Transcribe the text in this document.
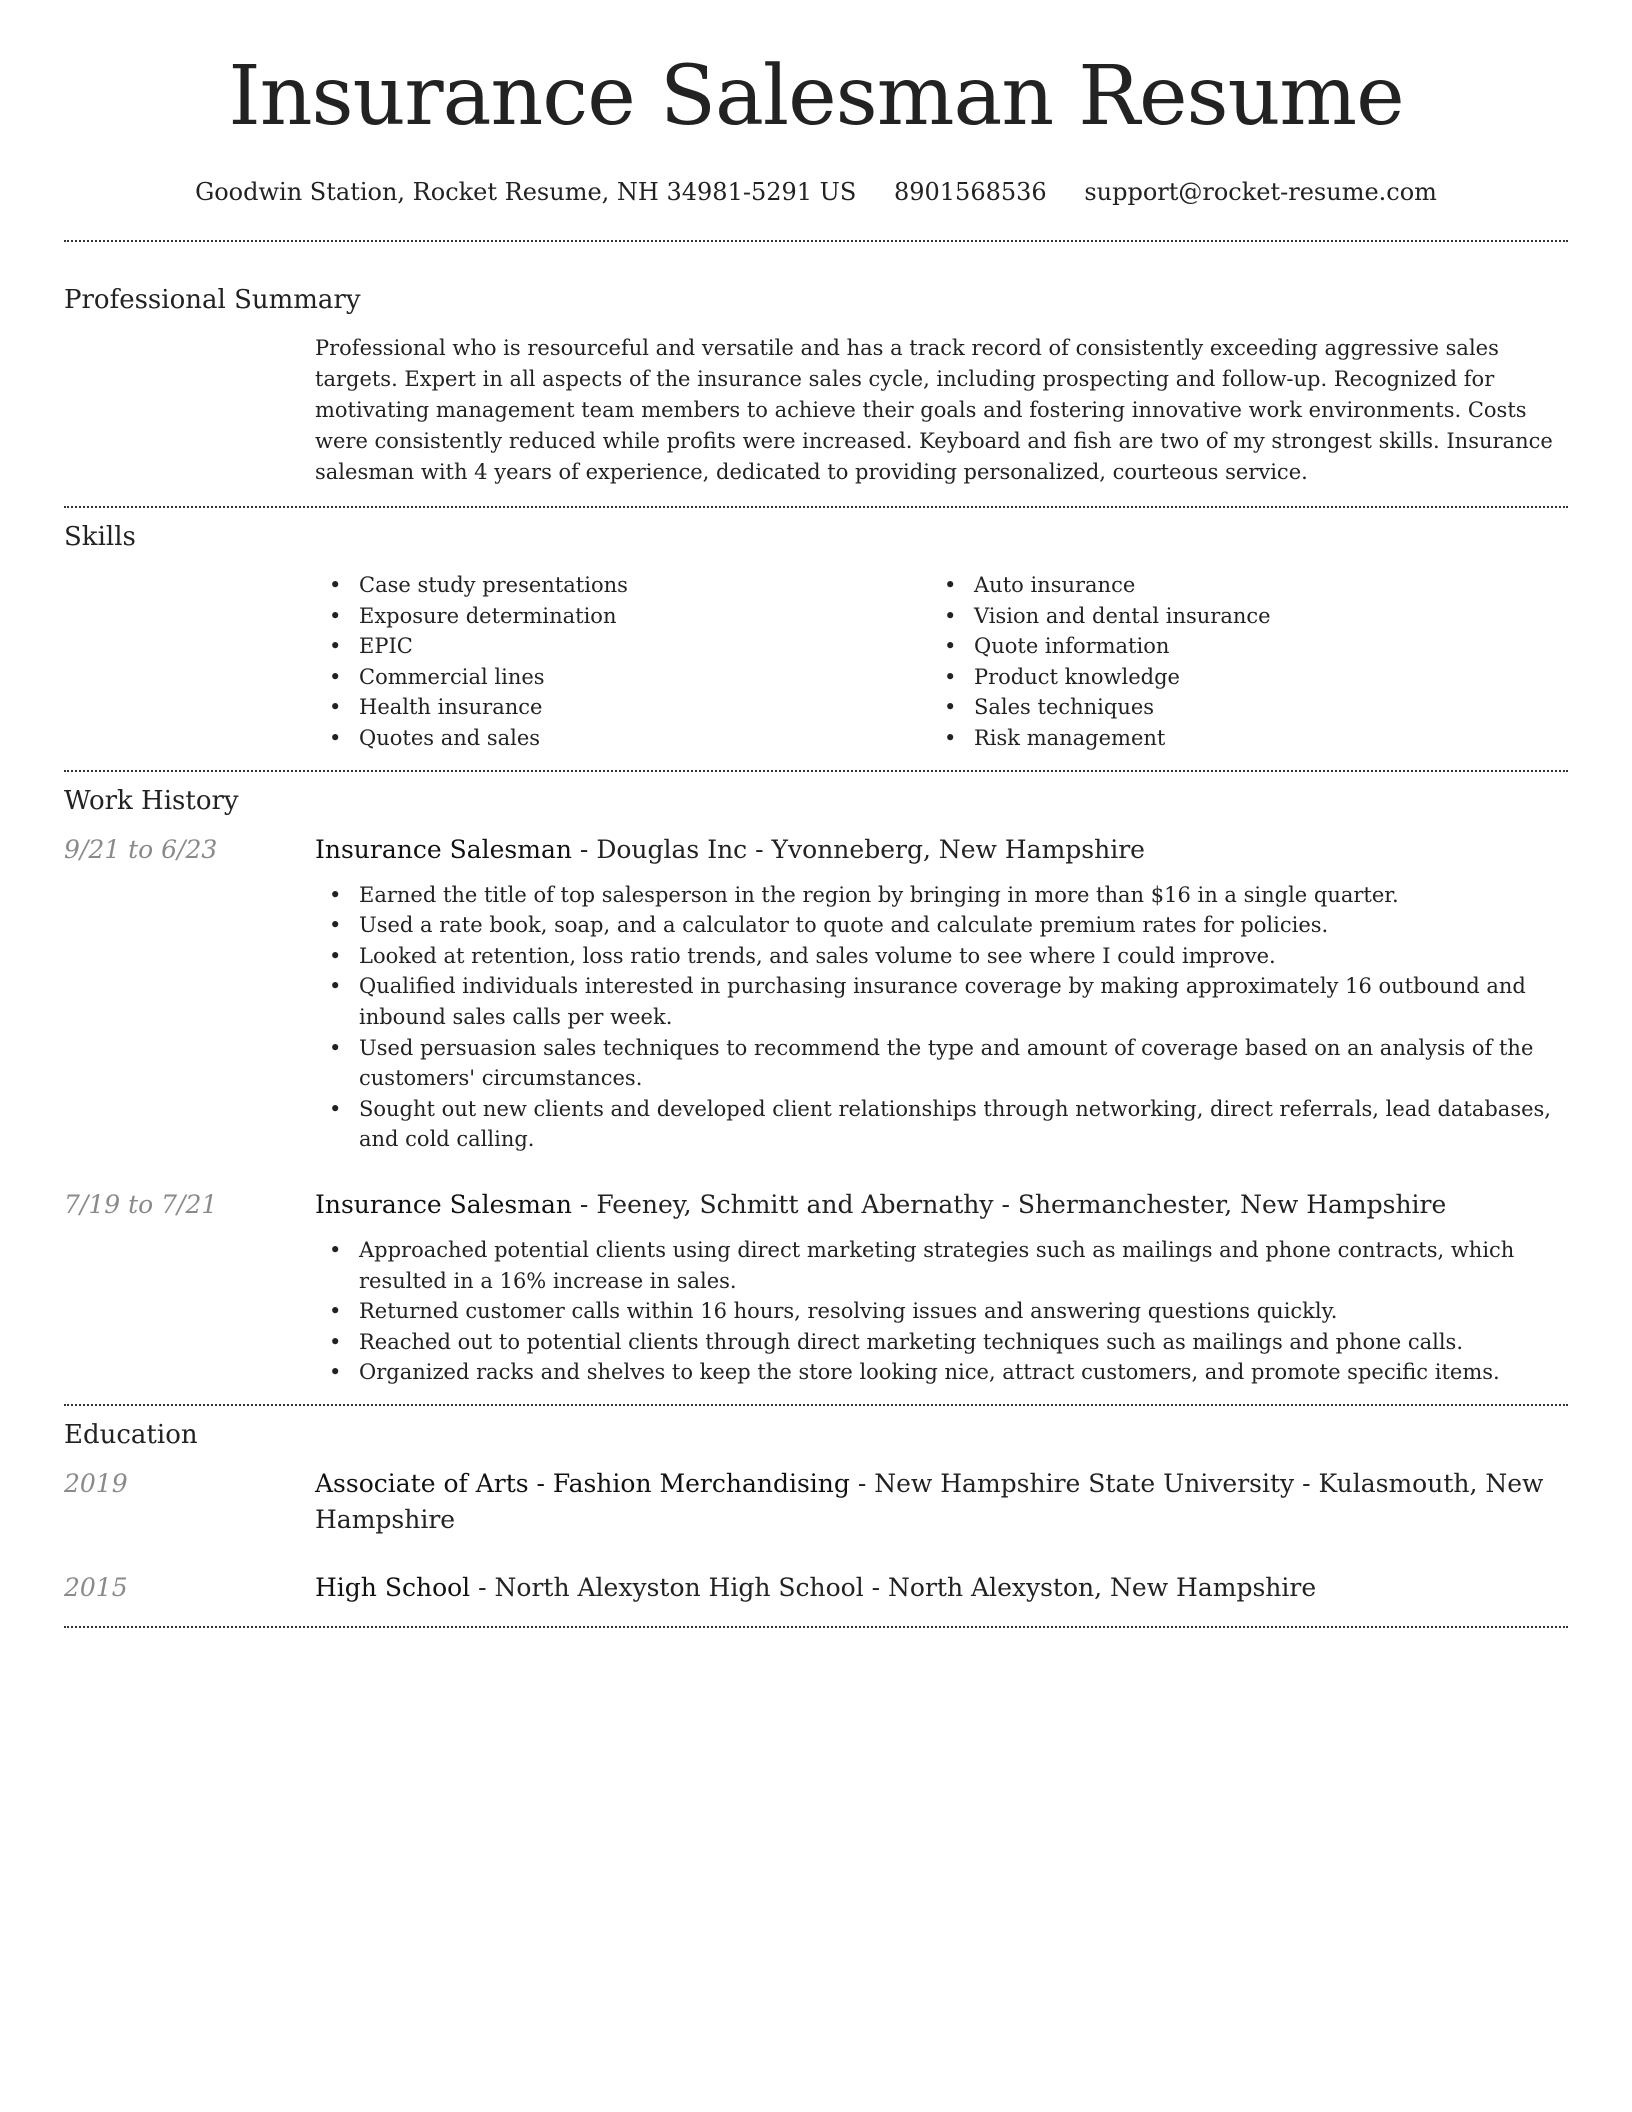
Insurance Salesman Resume
Goodwin Station, Rocket Resume, NH 34981-5291 US 8901568536 support@rocket-resume.com
Professional Summary
Professional who is resourceful and versatile and has a track record of consistently exceeding aggressive sales targets. Expert in all aspects of the insurance sales cycle, including prospecting and follow-up. Recognized for motivating management team members to achieve their goals and fostering innovative work environments. Costs were consistently reduced while profits were increased. Keyboard and fish are two of my strongest skills. Insurance salesman with 4 years of experience, dedicated to providing personalized, courteous service.
Skills
• Case study presentations
• Exposure determination
• EPIC
• Commercial lines
• Health insurance
• Quotes and sales
• Auto insurance
• Vision and dental insurance
• Quote information
• Product knowledge
• Sales techniques
• Risk management
Work History
9/21 to 6/23	Insurance Salesman - Douglas Inc - Yvonneberg, New Hampshire
• Earned the title of top salesperson in the region by bringing in more than $16 in a single quarter.
• Used a rate book, soap, and a calculator to quote and calculate premium rates for policies.
• Looked at retention, loss ratio trends, and sales volume to see where I could improve.
• Qualified individuals interested in purchasing insurance coverage by making approximately 16 outbound and inbound sales calls per week.
• Used persuasion sales techniques to recommend the type and amount of coverage based on an analysis of the customers' circumstances.
• Sought out new clients and developed client relationships through networking, direct referrals, lead databases, and cold calling.
7/19 to 7/21	Insurance Salesman - Feeney, Schmitt and Abernathy - Shermanchester, New Hampshire
• Approached potential clients using direct marketing strategies such as mailings and phone contracts, which resulted in a 16% increase in sales.
• Returned customer calls within 16 hours, resolving issues and answering questions quickly.
• Reached out to potential clients through direct marketing techniques such as mailings and phone calls.
• Organized racks and shelves to keep the store looking nice, attract customers, and promote specific items.
Education
2019	Associate of Arts - Fashion Merchandising - New Hampshire State University - Kulasmouth, New Hampshire
2015	High School - North Alexyston High School - North Alexyston, New Hampshire
